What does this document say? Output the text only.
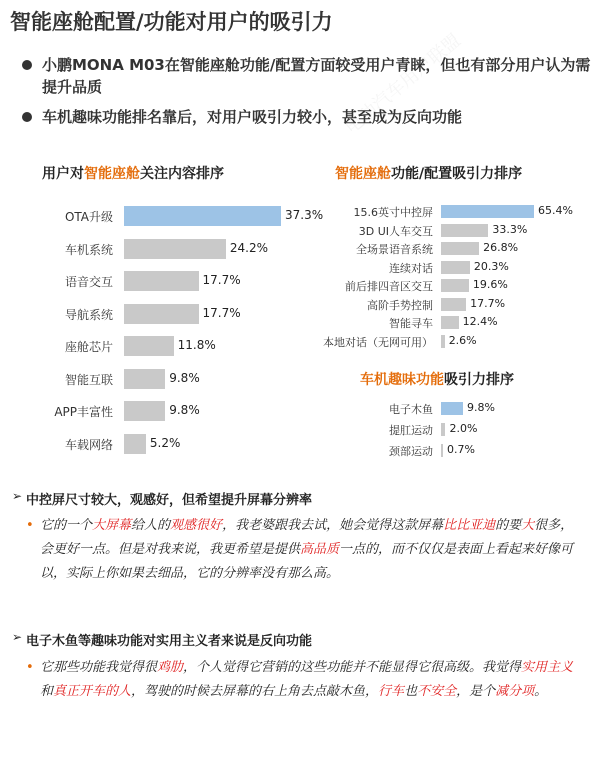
电动汽车用户联盟
智能座舱配置/功能对用户的吸引力
小鹏MONA M03在智能座舱功能/配置方面较受用户青睐，但也有部分用户认为需提升品质
车机趣味功能排名靠后，对用户吸引力较小，甚至成为反向功能
用户对智能座舱关注内容排序
OTA升级	37.3%
车机系统	24.2%
语音交互	17.7%
导航系统	17.7%
座舱芯片	11.8%
智能互联	9.8%
APP丰富性	9.8%
车载网络	5.2%
智能座舱功能/配置吸引力排序
15.6英寸中控屏	65.4%
3D UI人车交互	33.3%
全场景语音系统	26.8%
连续对话	20.3%
前后排四音区交互	19.6%
高阶手势控制	17.7%
智能寻车	12.4%
本地对话（无网可用） 2.6%
车机趣味功能吸引力排序
电子木鱼	9.8%
提肛运动 2.0%
颈部运动 0.7%
➢ 中控屏尺寸较大，观感好，但希望提升屏幕分辨率
• 它的一个大屏幕给人的观感很好，我老婆跟我去试，她会觉得这款屏幕比比亚迪的要大很多，会更好一点。但是对我来说，我更希望是提供高品质一点的，而不仅仅是表面上看起来好像可以，实际上你如果去细品，它的分辨率没有那么高。
➢ 电子木鱼等趣味功能对实用主义者来说是反向功能
• 它那些功能我觉得很鸡肋，个人觉得它营销的这些功能并不能显得它很高级。我觉得实用主义和真正开车的人，驾驶的时候去屏幕的右上角去点敲木鱼，行车也不安全，是个减分项。
